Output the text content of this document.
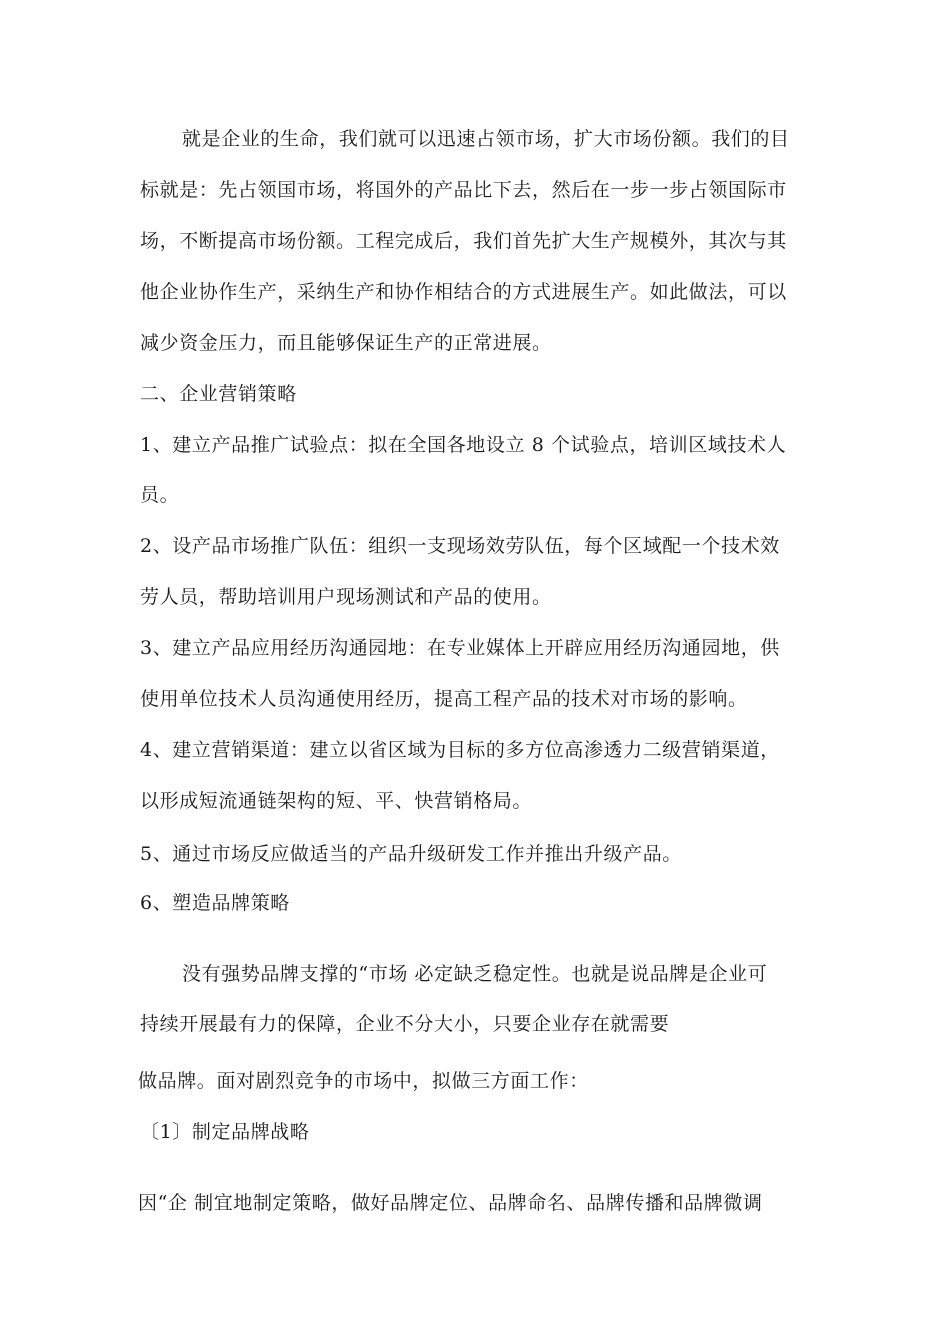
就是企业的生命，我们就可以迅速占领市场，扩大市场份额。我们的目
标就是：先占领国市场，将国外的产品比下去，然后在一步一步占领国际市
场，不断提高市场份额。工程完成后，我们首先扩大生产规模外，其次与其
他企业协作生产，采纳生产和协作相结合的方式进展生产。如此做法，可以
减少资金压力，而且能够保证生产的正常进展。
二、企业营销策略
1、建立产品推广试验点：拟在全国各地设立 8 个试验点，培训区域技术人
员。
2、设产品市场推广队伍：组织一支现场效劳队伍，每个区域配一个技术效
劳人员，帮助培训用户现场测试和产品的使用。
3、建立产品应用经历沟通园地：在专业媒体上开辟应用经历沟通园地，供
使用单位技术人员沟通使用经历，提高工程产品的技术对市场的影响。
4、建立营销渠道：建立以省区域为目标的多方位高渗透力二级营销渠道，
以形成短流通链架构的短、平、快营销格局。
5、通过市场反应做适当的产品升级研发工作并推出升级产品。
6、塑造品牌策略
没有强势品牌支撑的“市场 必定缺乏稳定性。也就是说品牌是企业可
持续开展最有力的保障，企业不分大小，只要企业存在就需要
做品牌。面对剧烈竞争的市场中，拟做三方面工作：
〔1〕制定品牌战略
因“企 制宜地制定策略，做好品牌定位、品牌命名、品牌传播和品牌微调
